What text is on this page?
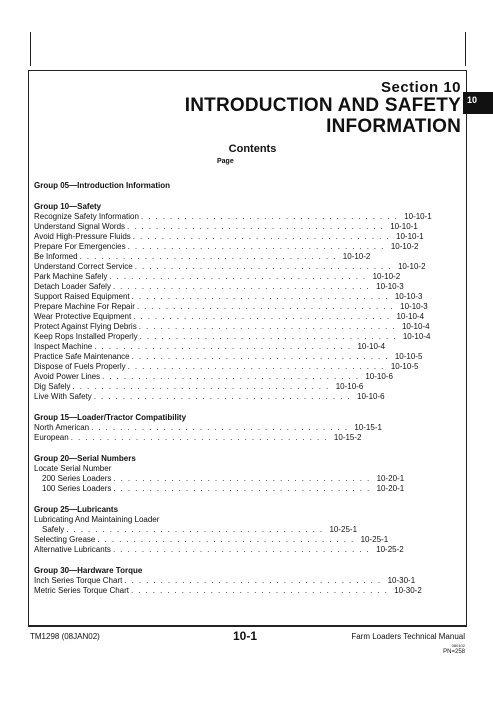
Section 10
INTRODUCTION AND SAFETY
INFORMATION
10
Contents
Page
Group 05—Introduction Information
Group 10—Safety
Recognize Safety Information . . . . . . . . . . . . . . . . . . . . . . . . . . . . . . . . . . . . 10-10-1
Understand Signal Words . . . . . . . . . . . . . . . . . . . . . . . . . . . . . . . . . . . . 10-10-1
Avoid High-Pressure Fluids . . . . . . . . . . . . . . . . . . . . . . . . . . . . . . . . . . . . 10-10-1
Prepare For Emergencies . . . . . . . . . . . . . . . . . . . . . . . . . . . . . . . . . . . . 10-10-2
Be Informed . . . . . . . . . . . . . . . . . . . . . . . . . . . . . . . . . . . . 10-10-2
Understand Correct Service . . . . . . . . . . . . . . . . . . . . . . . . . . . . . . . . . . . . 10-10-2
Park Machine Safely . . . . . . . . . . . . . . . . . . . . . . . . . . . . . . . . . . . . 10-10-2
Detach Loader Safely . . . . . . . . . . . . . . . . . . . . . . . . . . . . . . . . . . . . 10-10-3
Support Raised Equipment . . . . . . . . . . . . . . . . . . . . . . . . . . . . . . . . . . . . 10-10-3
Prepare Machine For Repair . . . . . . . . . . . . . . . . . . . . . . . . . . . . . . . . . . . . 10-10-3
Wear Protective Equipment . . . . . . . . . . . . . . . . . . . . . . . . . . . . . . . . . . . . 10-10-4
Protect Against Flying Debris . . . . . . . . . . . . . . . . . . . . . . . . . . . . . . . . . . . . 10-10-4
Keep Rops Installed Properly . . . . . . . . . . . . . . . . . . . . . . . . . . . . . . . . . . . . 10-10-4
Inspect Machine . . . . . . . . . . . . . . . . . . . . . . . . . . . . . . . . . . . . 10-10-4
Practice Safe Maintenance . . . . . . . . . . . . . . . . . . . . . . . . . . . . . . . . . . . . 10-10-5
Dispose of Fuels Properly . . . . . . . . . . . . . . . . . . . . . . . . . . . . . . . . . . . . 10-10-5
Avoid Power Lines . . . . . . . . . . . . . . . . . . . . . . . . . . . . . . . . . . . . 10-10-6
Dig Safely . . . . . . . . . . . . . . . . . . . . . . . . . . . . . . . . . . . . 10-10-6
Live With Safety . . . . . . . . . . . . . . . . . . . . . . . . . . . . . . . . . . . . 10-10-6
Group 15—Loader/Tractor Compatibility
North American . . . . . . . . . . . . . . . . . . . . . . . . . . . . . . . . . . . . 10-15-1
European . . . . . . . . . . . . . . . . . . . . . . . . . . . . . . . . . . . . 10-15-2
Group 20—Serial Numbers
Locate Serial Number
200 Series Loaders . . . . . . . . . . . . . . . . . . . . . . . . . . . . . . . . . . . . 10-20-1
100 Series Loaders . . . . . . . . . . . . . . . . . . . . . . . . . . . . . . . . . . . . 10-20-1
Group 25—Lubricants
Lubricating And Maintaining Loader
Safely . . . . . . . . . . . . . . . . . . . . . . . . . . . . . . . . . . . . 10-25-1
Selecting Grease . . . . . . . . . . . . . . . . . . . . . . . . . . . . . . . . . . . . 10-25-1
Alternative Lubricants . . . . . . . . . . . . . . . . . . . . . . . . . . . . . . . . . . . . 10-25-2
Group 30—Hardware Torque
Inch Series Torque Chart . . . . . . . . . . . . . . . . . . . . . . . . . . . . . . . . . . . . 10-30-1
Metric Series Torque Chart . . . . . . . . . . . . . . . . . . . . . . . . . . . . . . . . . . . . 10-30-2
TM1298 (08JAN02)	10-1	Farm Loaders Technical Manual
080102
PN=258
